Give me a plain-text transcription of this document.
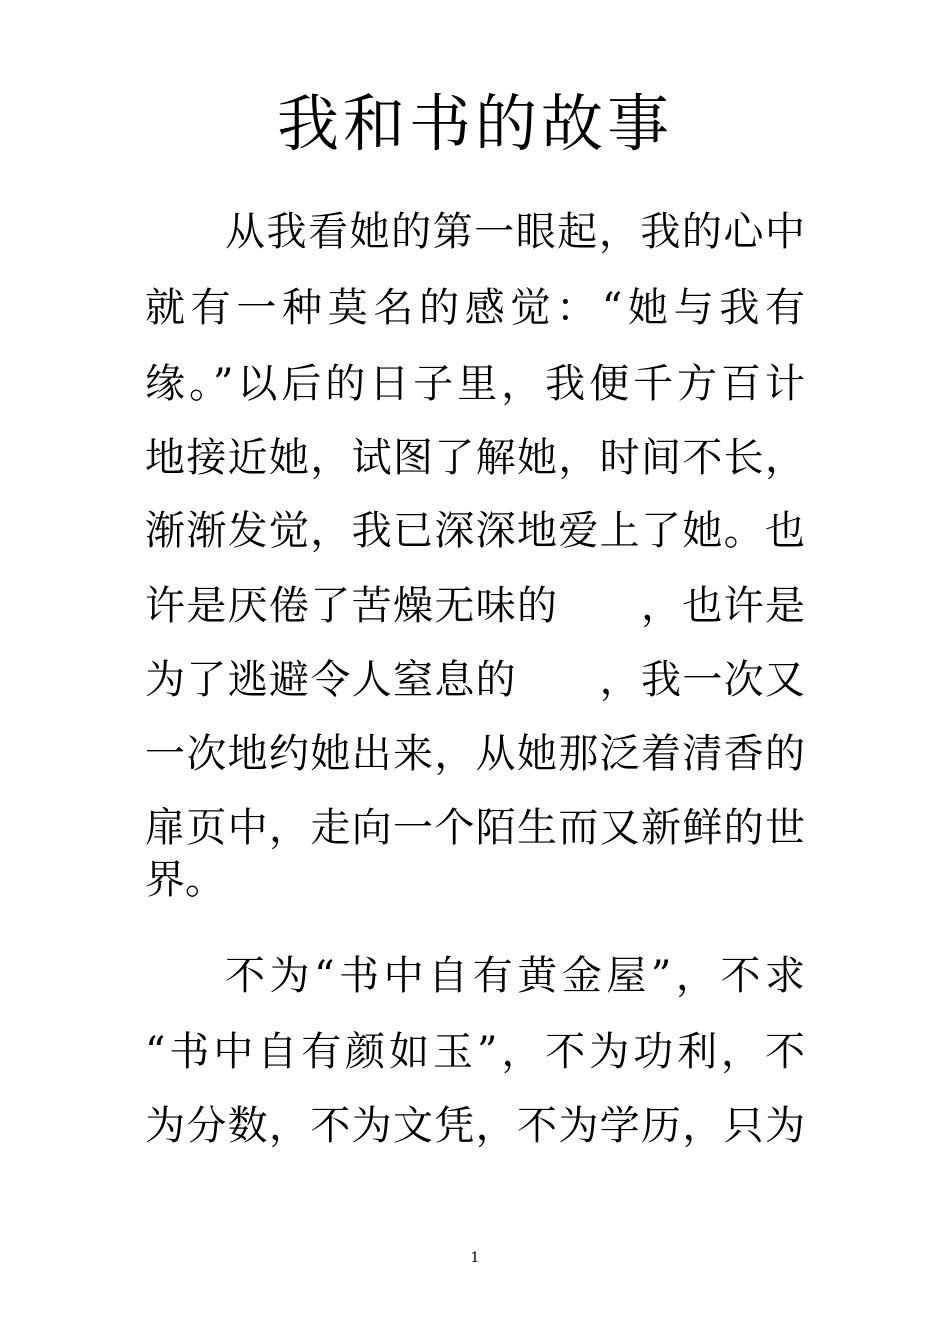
我和书的故事
从我看她的第一眼起，我的心中
就有一种莫名的感觉：“她与我有
缘。”以后的日子里，我便千方百计
地接近她，试图了解她，时间不长，
渐渐发觉，我已深深地爱上了她。也
许是厌倦了苦燥无味的　　，也许是
为了逃避令人窒息的　　，我一次又
一次地约她出来，从她那泛着清香的
扉页中，走向一个陌生而又新鲜的世
界。
不为“书中自有黄金屋”，不求
“书中自有颜如玉”，不为功利，不
为分数，不为文凭，不为学历，只为
1
